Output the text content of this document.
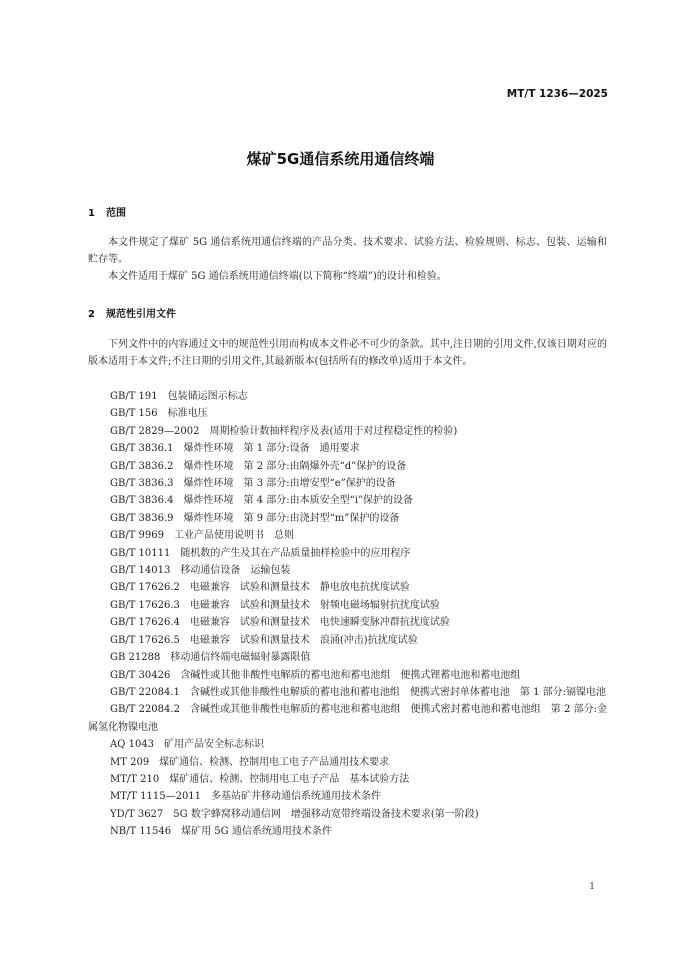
MT/T 1236—2025
煤矿5G通信系统用通信终端
1 范围
本文件规定了煤矿 5G 通信系统用通信终端的产品分类、技术要求、试验方法、检验规则、标志、包装、运输和贮存等。
本文件适用于煤矿 5G 通信系统用通信终端(以下简称“终端”)的设计和检验。
2 规范性引用文件
下列文件中的内容通过文中的规范性引用而构成本文件必不可少的条款。其中,注日期的引用文件,仅该日期对应的版本适用于本文件;不注日期的引用文件,其最新版本(包括所有的修改单)适用于本文件。
GB/T 191　包装储运图示标志
GB/T 156　标准电压
GB/T 2829—2002　周期检验计数抽样程序及表(适用于对过程稳定性的检验)
GB/T 3836.1　爆炸性环境　第 1 部分:设备　通用要求
GB/T 3836.2　爆炸性环境　第 2 部分:由隔爆外壳“d”保护的设备
GB/T 3836.3　爆炸性环境　第 3 部分:由增安型“e”保护的设备
GB/T 3836.4　爆炸性环境　第 4 部分:由本质安全型“i”保护的设备
GB/T 3836.9　爆炸性环境　第 9 部分:由浇封型“m”保护的设备
GB/T 9969　工业产品使用说明书　总则
GB/T 10111　随机数的产生及其在产品质量抽样检验中的应用程序
GB/T 14013　移动通信设备　运输包装
GB/T 17626.2　电磁兼容　试验和测量技术　静电放电抗扰度试验
GB/T 17626.3　电磁兼容　试验和测量技术　射频电磁场辐射抗扰度试验
GB/T 17626.4　电磁兼容　试验和测量技术　电快速瞬变脉冲群抗扰度试验
GB/T 17626.5　电磁兼容　试验和测量技术　浪涌(冲击)抗扰度试验
GB 21288　移动通信终端电磁辐射暴露限值
GB/T 30426　含碱性或其他非酸性电解质的蓄电池和蓄电池组　便携式锂蓄电池和蓄电池组
GB/T 22084.1　含碱性或其他非酸性电解质的蓄电池和蓄电池组　便携式密封单体蓄电池　第 1 部分:镉镍电池
GB/T 22084.2　含碱性或其他非酸性电解质的蓄电池和蓄电池组　便携式密封蓄电池和蓄电池组　第 2 部分:金属氢化物镍电池
AQ 1043　矿用产品安全标志标识
MT 209　煤矿通信、检测、控制用电工电子产品通用技术要求
MT/T 210　煤矿通信、检测、控制用电工电子产品　基本试验方法
MT/T 1115—2011　多基站矿井移动通信系统通用技术条件
YD/T 3627　5G 数字蜂窝移动通信网　增强移动宽带终端设备技术要求(第一阶段)
NB/T 11546　煤矿用 5G 通信系统通用技术条件
1
